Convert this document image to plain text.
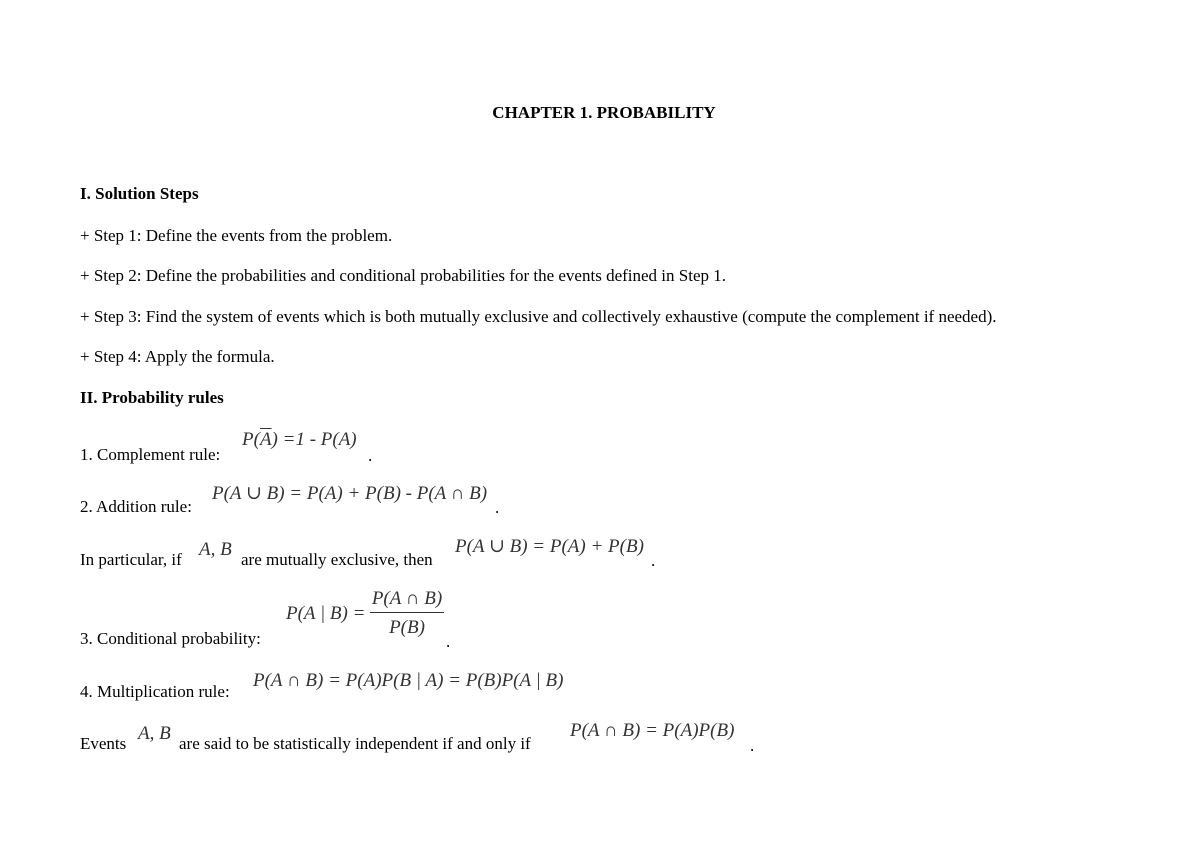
CHAPTER 1. PROBABILITY
I. Solution Steps
+ Step 1: Define the events from the problem.
+ Step 2: Define the probabilities and conditional probabilities for the events defined in Step 1.
+ Step 3: Find the system of events which is both mutually exclusive and collectively exhaustive (compute the complement if needed).
+ Step 4: Apply the formula.
II. Probability rules
1. Complement rule:
$P(\overline{A}) =1 - P(A)$
.
2. Addition rule:
P(A ∪ B) = P(A) + P(B) - P(A ∩ B)
.
In particular, if A, B are mutually exclusive, then
P(A ∪ B) = P(A) + P(B)
.
3. Conditional probability:
P(A | B) =
P(A ∩ B)
P(B)
.
4. Multiplication rule:
P(A ∩ B) = P(A)P(B | A) = P(B)P(A | B)
Events A, B are said to be statistically independent if and only if
P(A ∩ B) = P(A)P(B)
.
